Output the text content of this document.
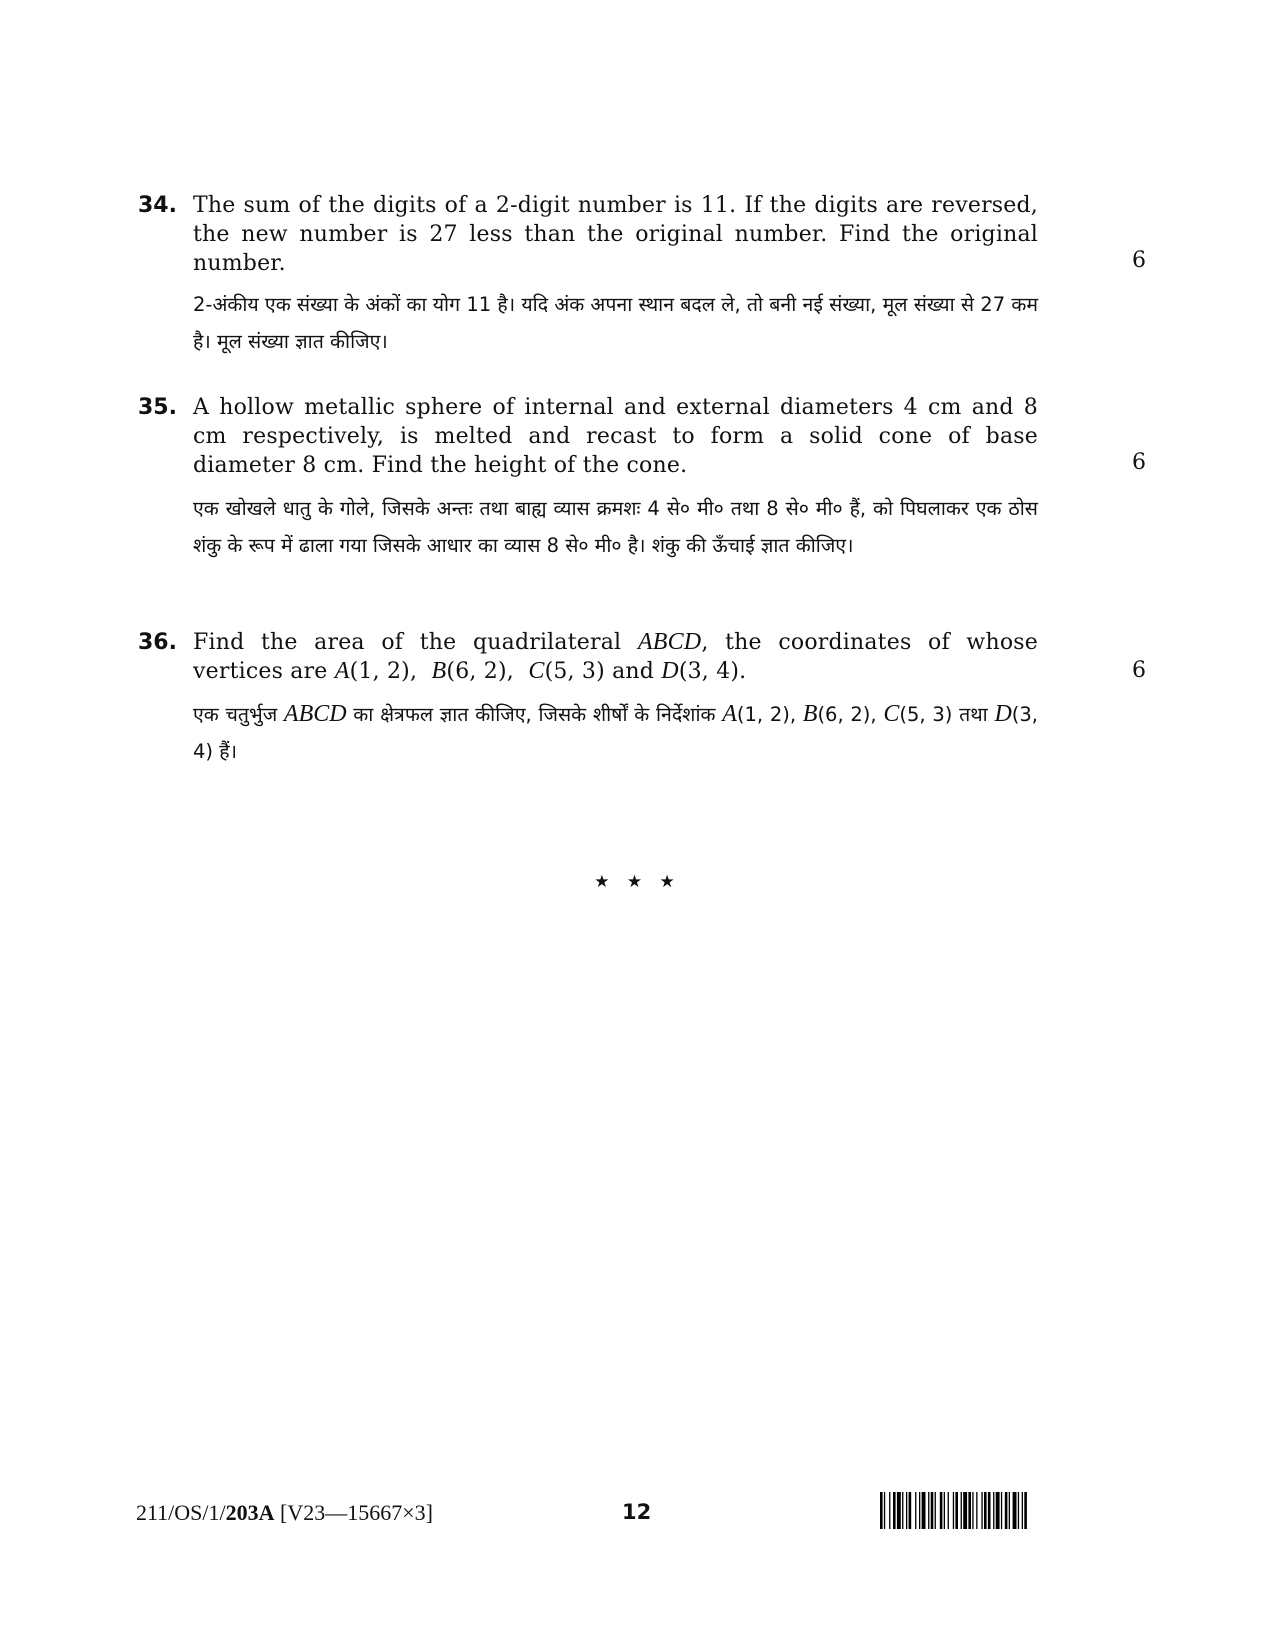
34. The sum of the digits of a 2-digit number is 11. If the digits are reversed, the new number is 27 less than the original number. Find the original number.	6
2-अंकीय एक संख्या के अंकों का योग 11 है। यदि अंक अपना स्थान बदल ले, तो बनी नई संख्या, मूल संख्या से 27 कम है। मूल संख्या ज्ञात कीजिए।
35. A hollow metallic sphere of internal and external diameters 4 cm and 8 cm respectively, is melted and recast to form a solid cone of base diameter 8 cm. Find the height of the cone.	6
एक खोखले धातु के गोले, जिसके अन्तः तथा बाह्य व्यास क्रमशः 4 से० मी० तथा 8 से० मी० हैं, को पिघलाकर एक ठोस शंकु के रूप में ढाला गया जिसके आधार का व्यास 8 से० मी० है। शंकु की ऊँचाई ज्ञात कीजिए।
36. Find the area of the quadrilateral ABCD, the coordinates of whose vertices are A(1, 2), B(6, 2), C(5, 3) and D(3, 4).	6
एक चतुर्भुज ABCD का क्षेत्रफल ज्ञात कीजिए, जिसके शीर्षों के निर्देशांक A(1, 2), B(6, 2), C(5, 3) तथा D(3, 4) हैं।
★ ★ ★
211/OS/1/203A [V23—15667×3]	12
